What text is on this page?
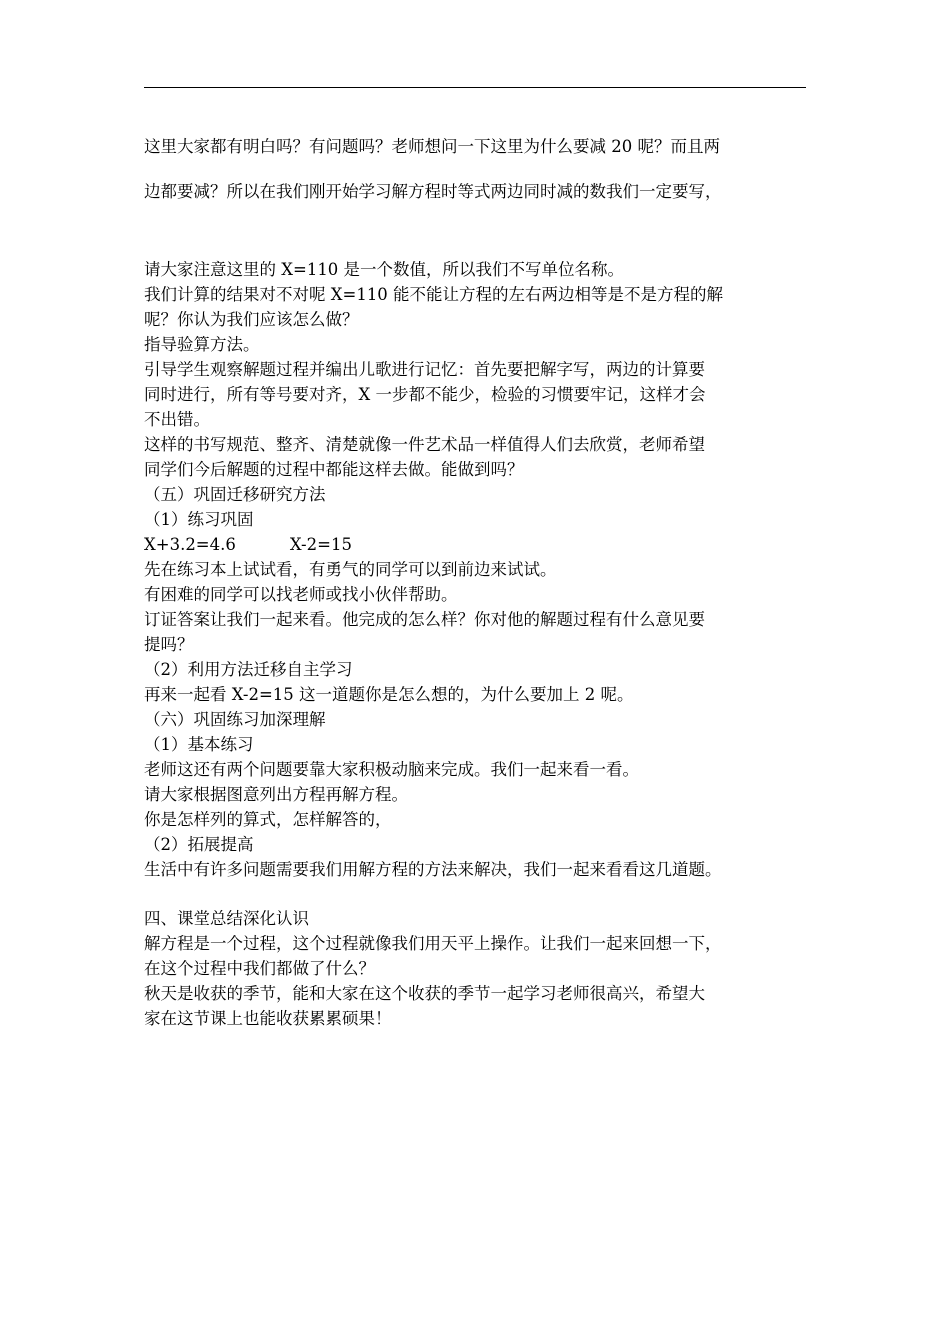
这里大家都有明白吗？有问题吗？老师想问一下这里为什么要减 20 呢？而且两
边都要减？所以在我们刚开始学习解方程时等式两边同时减的数我们一定要写，
请大家注意这里的 X=110 是一个数值，所以我们不写单位名称。
我们计算的结果对不对呢 X=110 能不能让方程的左右两边相等是不是方程的解
呢？你认为我们应该怎么做？
指导验算方法。
引导学生观察解题过程并编出儿歌进行记忆：首先要把解字写，两边的计算要
同时进行，所有等号要对齐，X 一步都不能少，检验的习惯要牢记，这样才会
不出错。
这样的书写规范、整齐、清楚就像一件艺术品一样值得人们去欣赏，老师希望
同学们今后解题的过程中都能这样去做。能做到吗？
（五）巩固迁移研究方法
（1）练习巩固
X+3.2=4.6	X-2=15
先在练习本上试试看，有勇气的同学可以到前边来试试。
有困难的同学可以找老师或找小伙伴帮助。
订证答案让我们一起来看。他完成的怎么样？你对他的解题过程有什么意见要
提吗？
（2）利用方法迁移自主学习
再来一起看 X-2=15 这一道题你是怎么想的，为什么要加上 2 呢。
（六）巩固练习加深理解
（1）基本练习
老师这还有两个问题要靠大家积极动脑来完成。我们一起来看一看。
请大家根据图意列出方程再解方程。
你是怎样列的算式，怎样解答的，
（2）拓展提高
生活中有许多问题需要我们用解方程的方法来解决，我们一起来看看这几道题。
四、课堂总结深化认识
解方程是一个过程，这个过程就像我们用天平上操作。让我们一起来回想一下，
在这个过程中我们都做了什么？
秋天是收获的季节，能和大家在这个收获的季节一起学习老师很高兴，希望大
家在这节课上也能收获累累硕果！
